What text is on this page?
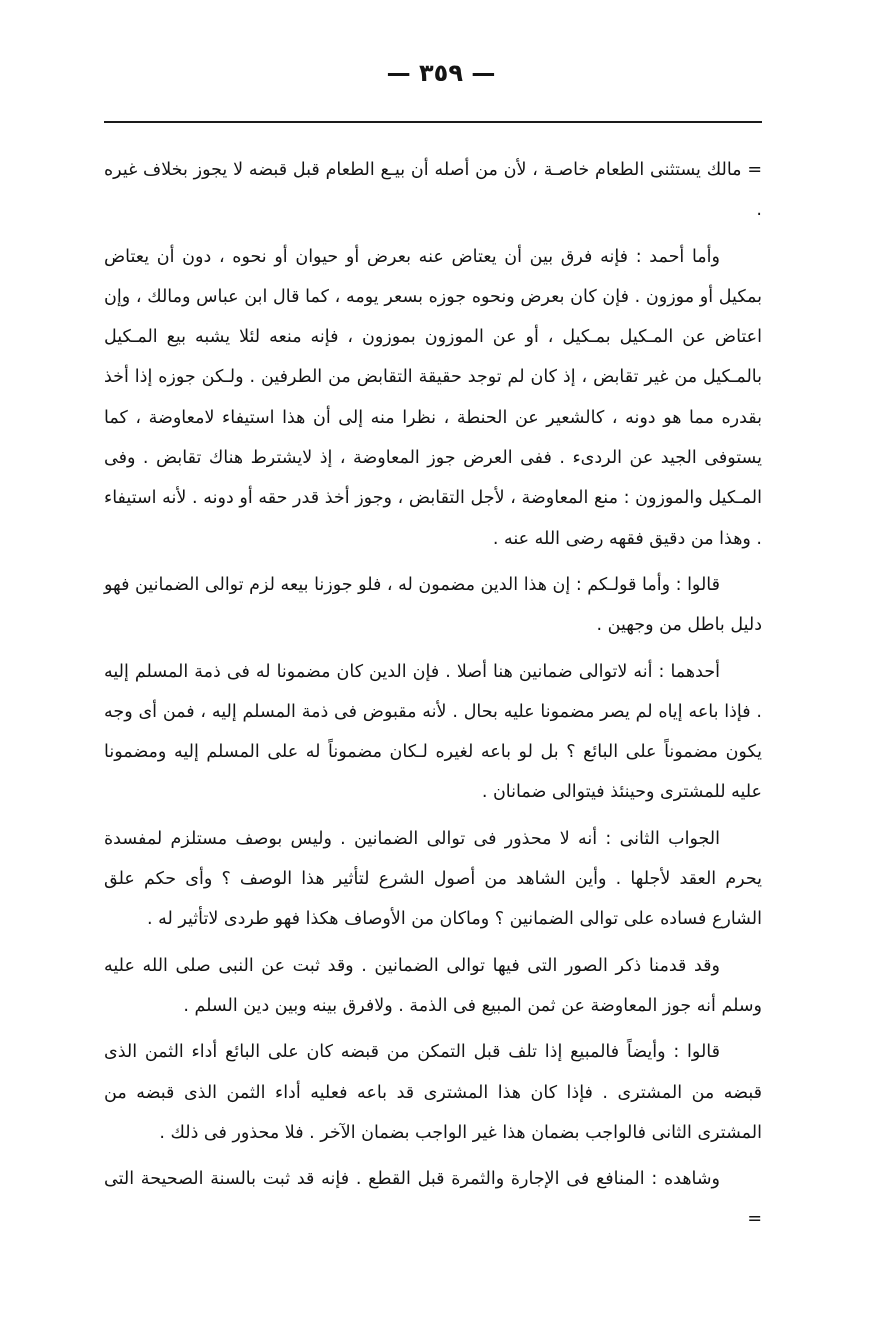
— ٣٥٩ —

= مالك يستثنى الطعام خاصـة ، لأن من أصله أن بيـع الطعام قبل قبضه لا يجوز بخلاف غيره .

وأما أحمد : فإنه فرق بين أن يعتاض عنه بعرض أو حيوان أو نحوه ، دون أن يعتاض بمكيل أو موزون . فإن كان بعرض ونحوه جوزه بسعر يومه ، كما قال ابن عباس ومالك ، وإن اعتاض عن المـكيل بمـكيل ، أو عن الموزون بموزون ، فإنه منعه لئلا يشبه بيع المـكيل بالمـكيل من غير تقابض ، إذ كان لم توجد حقيقة التقابض من الطرفين . ولـكن جوزه إذا أخذ بقدره مما هو دونه ، كالشعير عن الحنطة ، نظرا منه إلى أن هذا استيفاء لامعاوضة ، كما يستوفى الجيد عن الردىء . ففى العرض جوز المعاوضة ، إذ لايشترط هناك تقابض . وفى المـكيل والموزون : منع المعاوضة ، لأجل التقابض ، وجوز أخذ قدر حقه أو دونه . لأنه استيفاء . وهذا من دقيق فقهه رضى الله عنه .

قالوا : وأما قولـكم : إن هذا الدين مضمون له ، فلو جوزنا بيعه لزم توالى الضمانين فهو دليل باطل من وجهين .

أحدهما : أنه لاتوالى ضمانين هنا أصلا . فإن الدين كان مضمونا له فى ذمة المسلم إليه . فإذا باعه إياه لم يصر مضمونا عليه بحال . لأنه مقبوض فى ذمة المسلم إليه ، فمن أى وجه يكون مضموناً على البائع ؟ بل لو باعه لغيره لـكان مضموناً له على المسلم إليه ومضمونا عليه للمشترى وحينئذ فيتوالى ضمانان .

الجواب الثانى : أنه لا محذور فى توالى الضمانين . وليس بوصف مستلزم لمفسدة يحرم العقد لأجلها . وأين الشاهد من أصول الشرع لتأثير هذا الوصف ؟ وأى حكم علق الشارع فساده على توالى الضمانين ؟ وماكان من الأوصاف هكذا فهو طردى لاتأثير له .

وقد قدمنا ذكر الصور التى فيها توالى الضمانين . وقد ثبت عن النبى صلى الله عليه وسلم أنه جوز المعاوضة عن ثمن المبيع فى الذمة . ولافرق بينه وبين دين السلم .

قالوا : وأيضاً فالمبيع إذا تلف قبل التمكن من قبضه كان على البائع أداء الثمن الذى قبضه من المشترى . فإذا كان هذا المشترى قد باعه فعليه أداء الثمن الذى قبضه من المشترى الثانى فالواجب بضمان هذا غير الواجب بضمان الآخر . فلا محذور فى ذلك .

وشاهده : المنافع فى الإجارة والثمرة قبل القطع . فإنه قد ثبت بالسنة الصحيحة التى =
